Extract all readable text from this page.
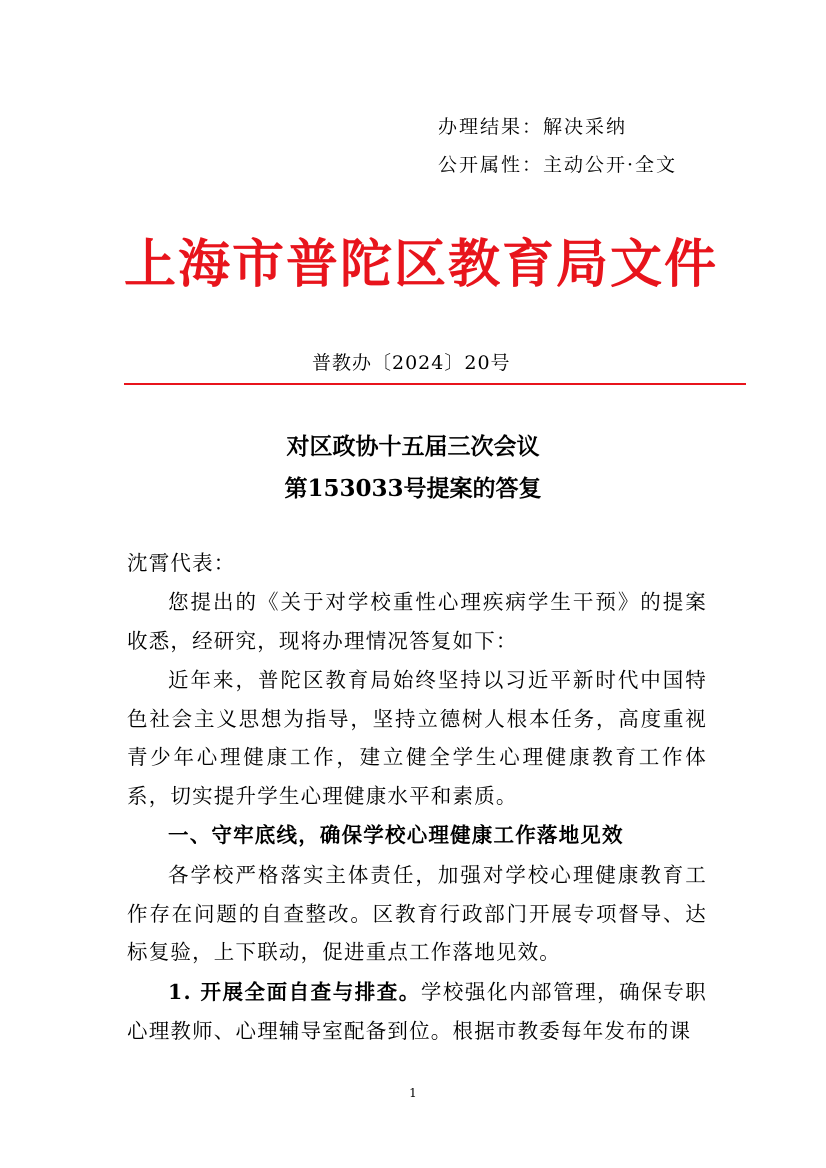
办理结果：解决采纳
公开属性：主动公开·全文
上海市普陀区教育局文件
普教办〔2024〕20号
对区政协十五届三次会议
第153033号提案的答复
沈霄代表：

您提出的《关于对学校重性心理疾病学生干预》的提案收悉，经研究，现将办理情况答复如下：

近年来，普陀区教育局始终坚持以习近平新时代中国特色社会主义思想为指导，坚持立德树人根本任务，高度重视青少年心理健康工作，建立健全学生心理健康教育工作体系，切实提升学生心理健康水平和素质。

一、守牢底线，确保学校心理健康工作落地见效

各学校严格落实主体责任，加强对学校心理健康教育工作存在问题的自查整改。区教育行政部门开展专项督导、达标复验，上下联动，促进重点工作落地见效。

1. 开展全面自查与排查。学校强化内部管理，确保专职心理教师、心理辅导室配备到位。根据市教委每年发布的课

1
